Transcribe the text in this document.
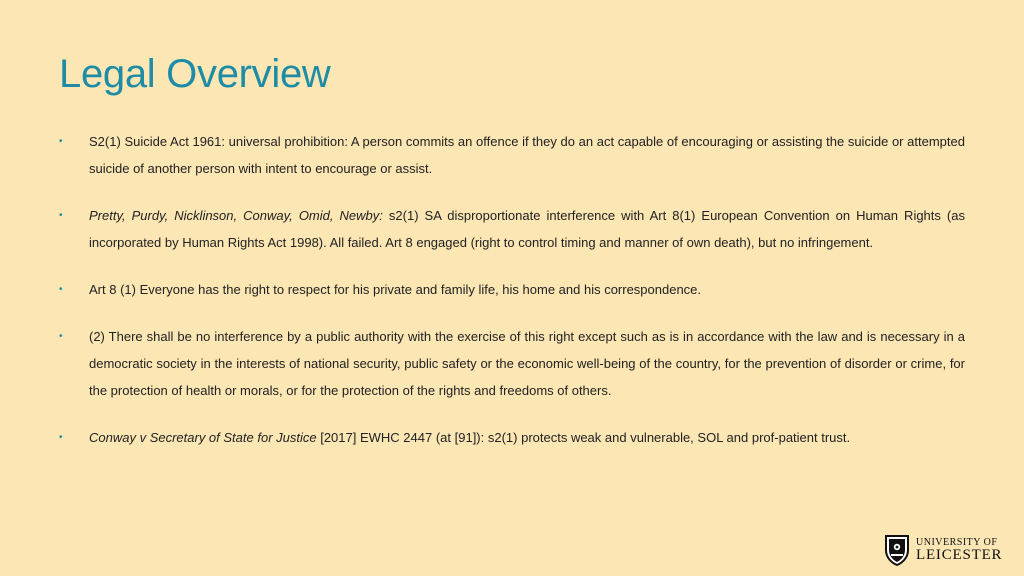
Legal Overview
• S2(1) Suicide Act 1961: universal prohibition: A person commits an offence if they do an act capable of encouraging or assisting the suicide or attempted suicide of another person with intent to encourage or assist.
• Pretty, Purdy, Nicklinson, Conway, Omid, Newby: s2(1) SA disproportionate interference with Art 8(1) European Convention on Human Rights (as incorporated by Human Rights Act 1998). All failed. Art 8 engaged (right to control timing and manner of own death), but no infringement.
• Art 8 (1) Everyone has the right to respect for his private and family life, his home and his correspondence.
• (2) There shall be no interference by a public authority with the exercise of this right except such as is in accordance with the law and is necessary in a democratic society in the interests of national security, public safety or the economic well-being of the country, for the prevention of disorder or crime, for the protection of health or morals, or for the protection of the rights and freedoms of others.
• Conway v Secretary of State for Justice [2017] EWHC 2447 (at [91]): s2(1) protects weak and vulnerable, SOL and prof-patient trust.
UNIVERSITY OF
LEICESTER
